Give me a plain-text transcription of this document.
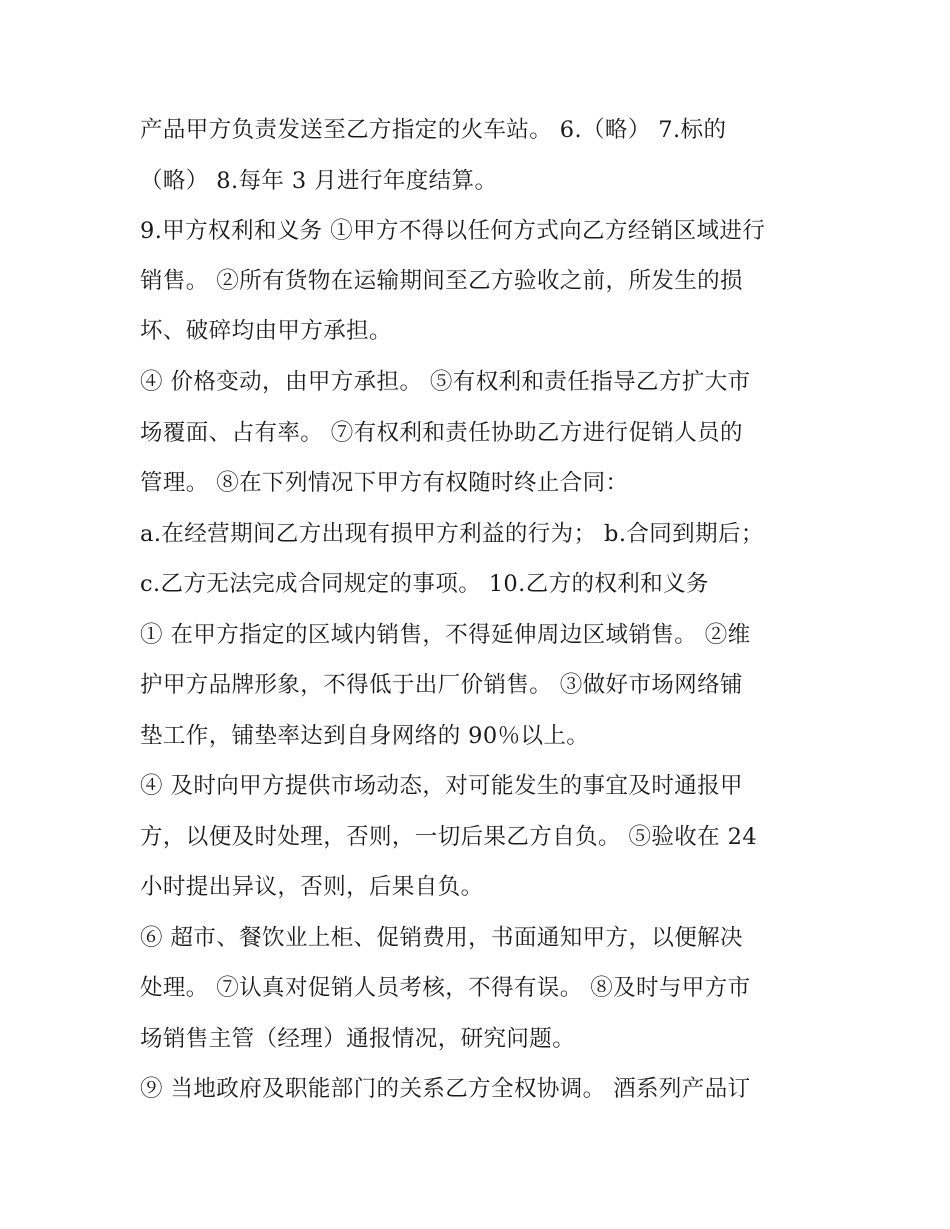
产品甲方负责发送至乙方指定的火车站。 6.（略） 7.标的
（略） 8.每年 3 月进行年度结算。
9.甲方权利和义务 ①甲方不得以任何方式向乙方经销区域进行
销售。 ②所有货物在运输期间至乙方验收之前，所发生的损
坏、破碎均由甲方承担。
④ 价格变动，由甲方承担。 ⑤有权利和责任指导乙方扩大市
场覆面、占有率。 ⑦有权利和责任协助乙方进行促销人员的
管理。 ⑧在下列情况下甲方有权随时终止合同：
a.在经营期间乙方出现有损甲方利益的行为； b.合同到期后；
c.乙方无法完成合同规定的事项。 10.乙方的权利和义务
① 在甲方指定的区域内销售，不得延伸周边区域销售。 ②维
护甲方品牌形象，不得低于出厂价销售。 ③做好市场网络铺
垫工作，铺垫率达到自身网络的 90％以上。
④ 及时向甲方提供市场动态，对可能发生的事宜及时通报甲
方，以便及时处理，否则，一切后果乙方自负。 ⑤验收在 24
小时提出异议，否则，后果自负。
⑥ 超市、餐饮业上柜、促销费用，书面通知甲方，以便解决
处理。 ⑦认真对促销人员考核，不得有误。 ⑧及时与甲方市
场销售主管（经理）通报情况，研究问题。
⑨ 当地政府及职能部门的关系乙方全权协调。 酒系列产品订
